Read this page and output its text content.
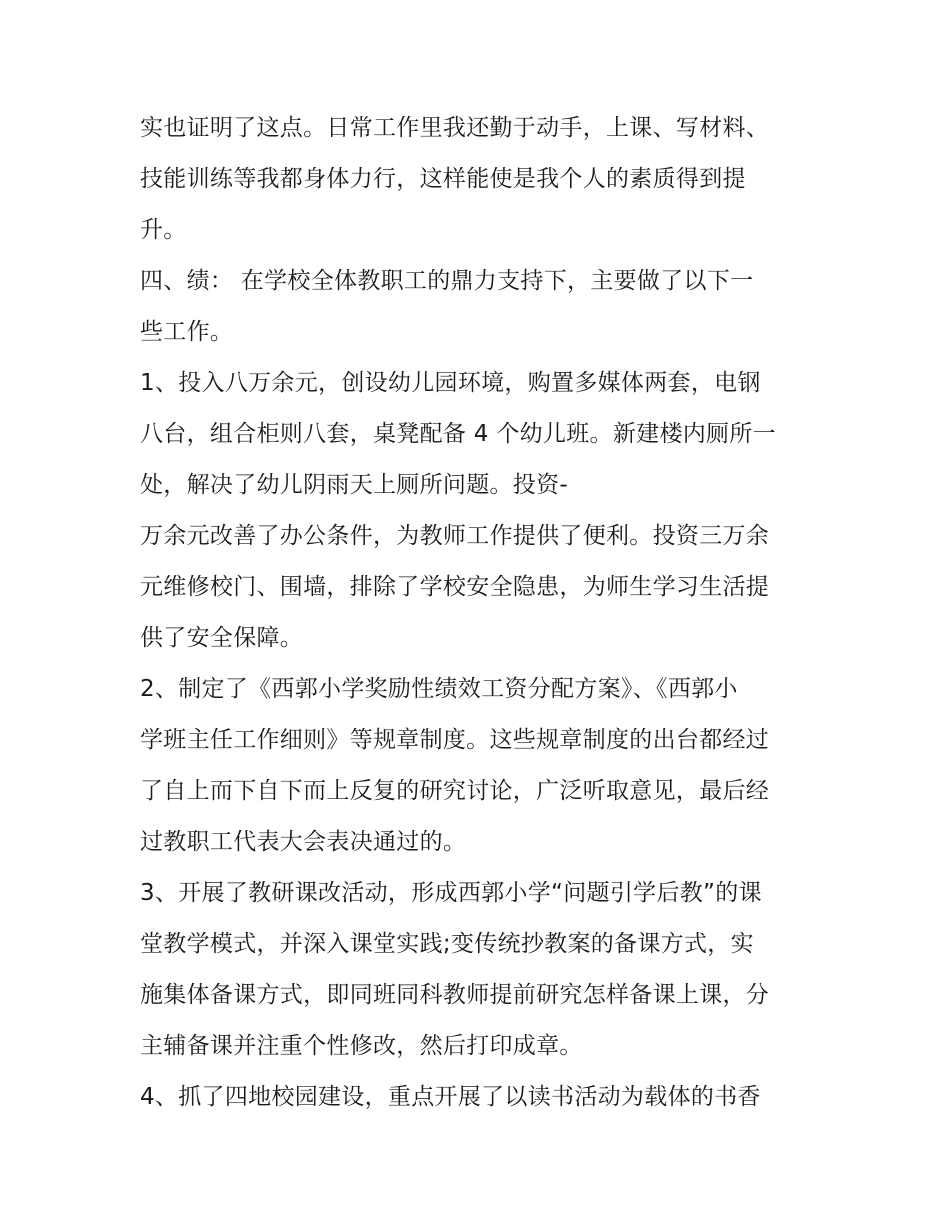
实也证明了这点。日常工作里我还勤于动手，上课、写材料、
技能训练等我都身体力行，这样能使是我个人的素质得到提
升。
四、绩： 在学校全体教职工的鼎力支持下，主要做了以下一
些工作。
1、投入八万余元，创设幼儿园环境，购置多媒体两套，电钢
八台，组合柜则八套，桌凳配备 4 个幼儿班。新建楼内厕所一
处，解决了幼儿阴雨天上厕所问题。投资-
万余元改善了办公条件，为教师工作提供了便利。投资三万余
元维修校门、围墙，排除了学校安全隐患，为师生学习生活提
供了安全保障。
2、制定了《西郭小学奖励性绩效工资分配方案》、《西郭小
学班主任工作细则》等规章制度。这些规章制度的出台都经过
了自上而下自下而上反复的研究讨论，广泛听取意见，最后经
过教职工代表大会表决通过的。
3、开展了教研课改活动，形成西郭小学“问题引学后教”的课
堂教学模式，并深入课堂实践;变传统抄教案的备课方式，实
施集体备课方式，即同班同科教师提前研究怎样备课上课，分
主辅备课并注重个性修改，然后打印成章。
4、抓了四地校园建设，重点开展了以读书活动为载体的书香
